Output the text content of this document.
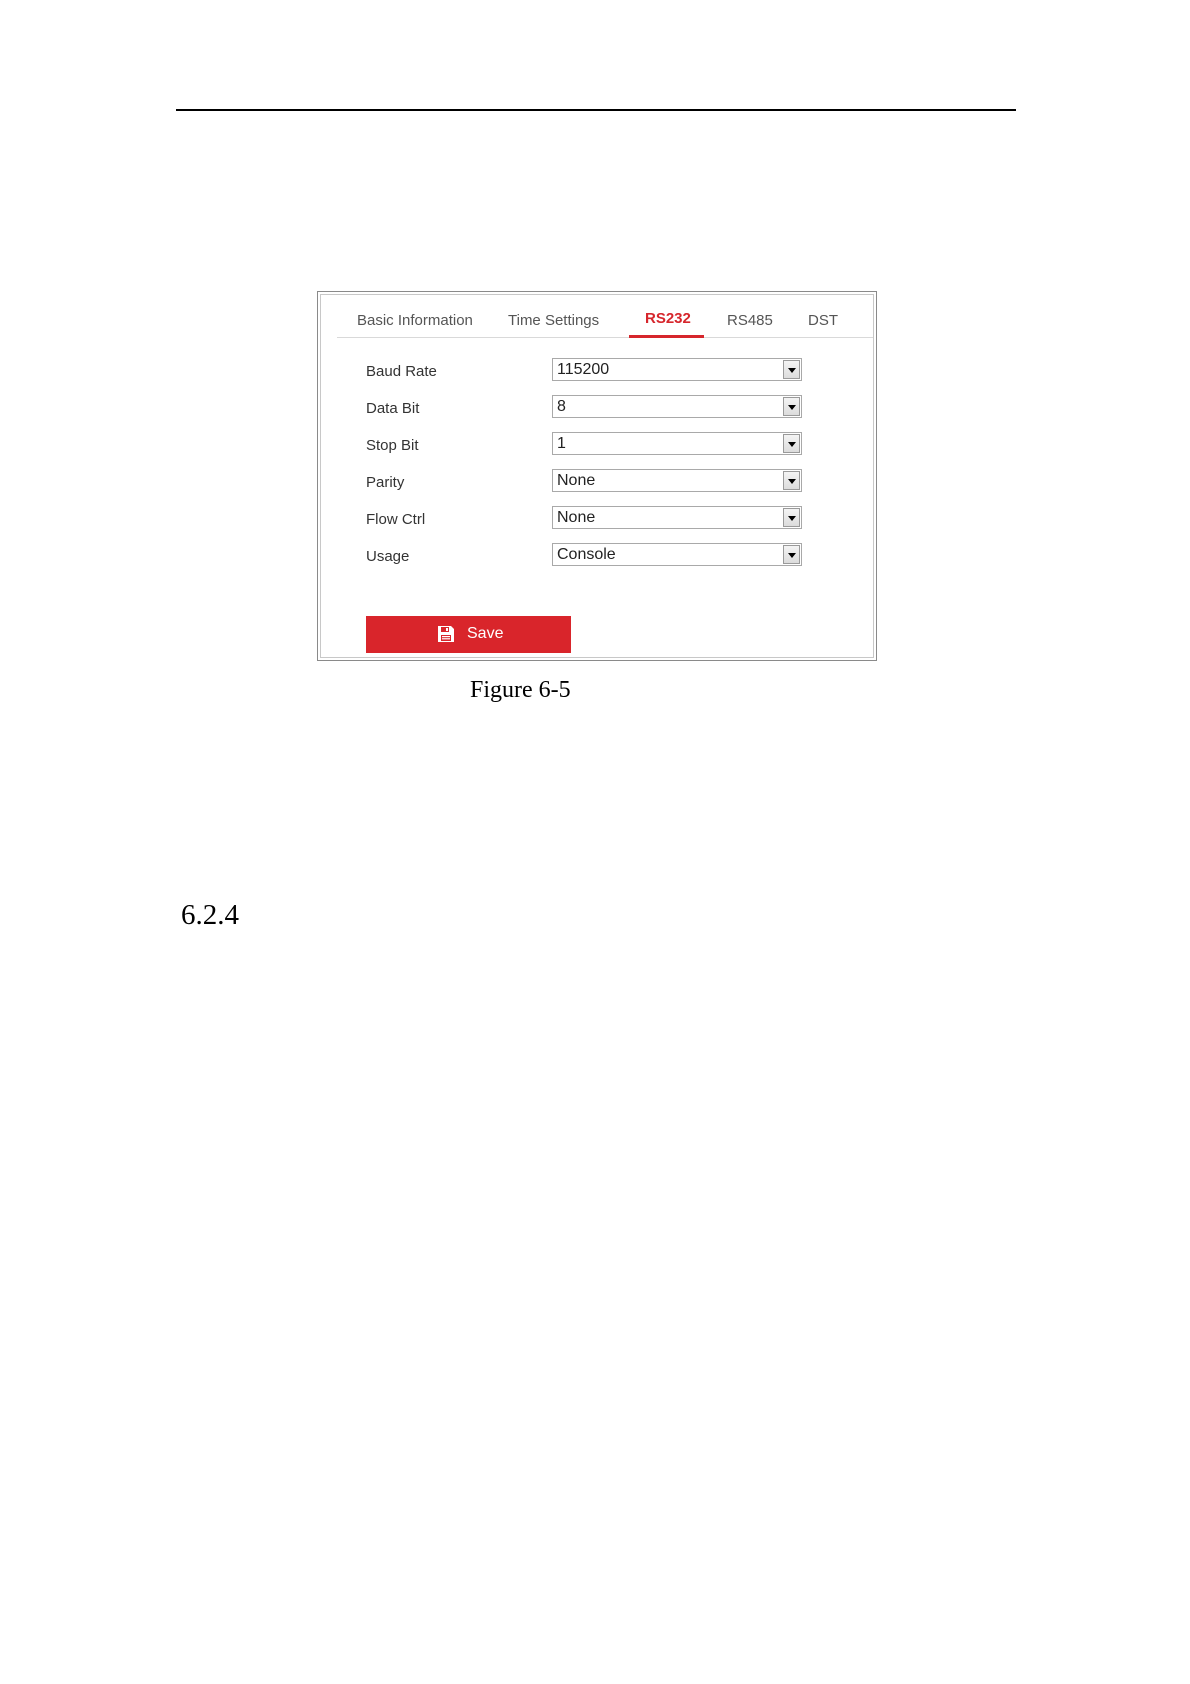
Basic Information Time Settings	RS232 RS485 DST
Baud Rate	115200
Data Bit	8
Stop Bit	1
Parity	None
Flow Ctrl	None
Usage	Console
Save
Figure 6-5
6.2.4
